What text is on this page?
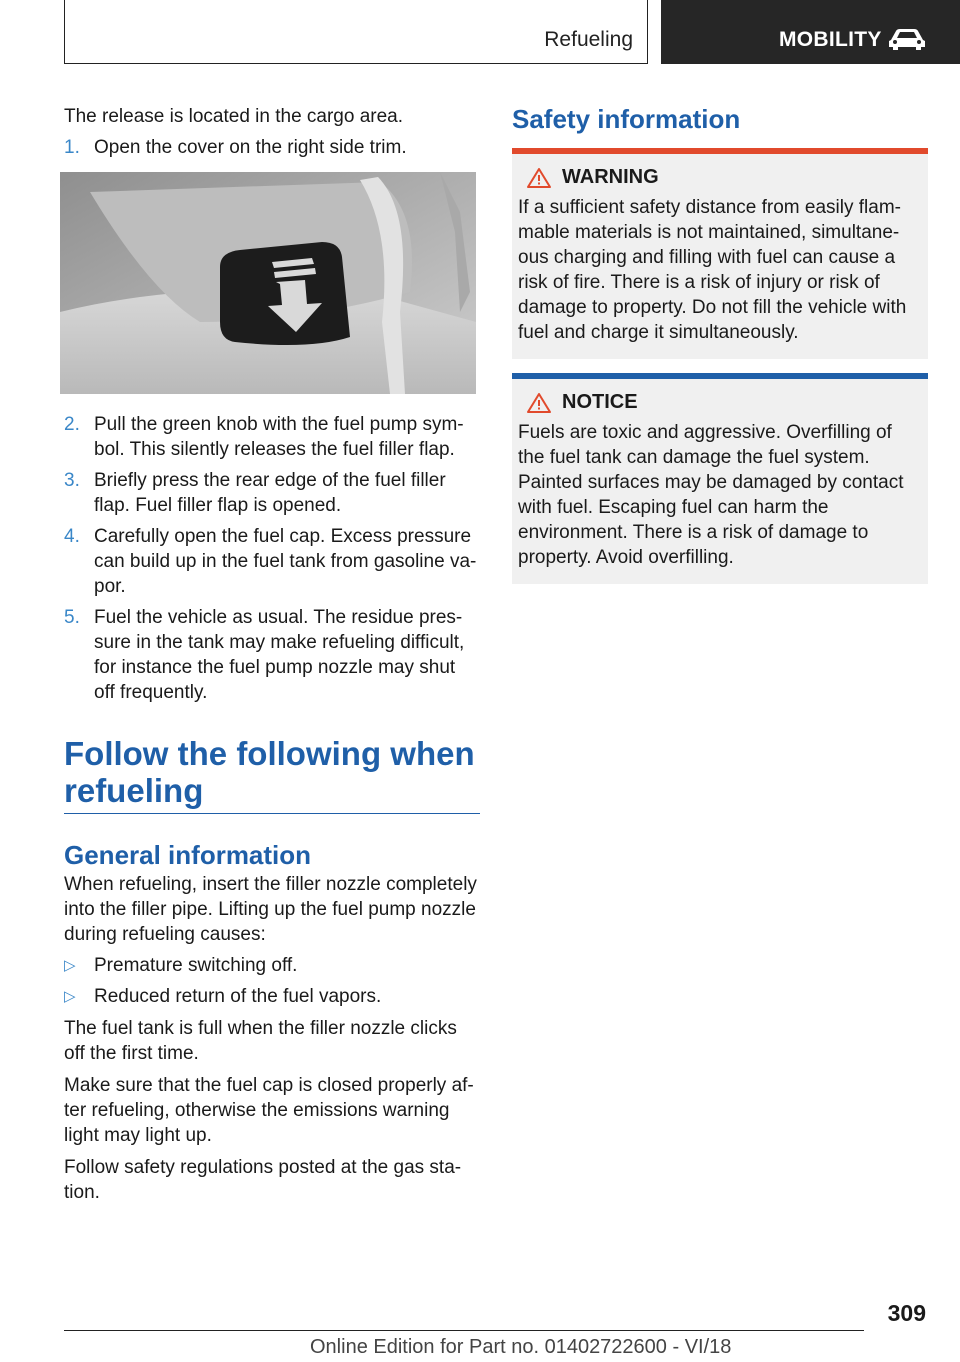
Refueling	MOBILITY

The release is located in the cargo area.

1. Open the cover on the right side trim.
2. Pull the green knob with the fuel pump sym‐ bol. This silently releases the fuel filler flap.
3. Briefly press the rear edge of the fuel filler flap. Fuel filler flap is opened.
4. Carefully open the fuel cap. Excess pressure can build up in the fuel tank from gasoline va‐ por.
5. Fuel the vehicle as usual. The residue pres‐ sure in the tank may make refueling difficult, for instance the fuel pump nozzle may shut off frequently.
Follow the following when refueling
General information

When refueling, insert the filler nozzle completely into the filler pipe. Lifting up the fuel pump nozzle during refueling causes:

▷ Premature switching off.
▷ Reduced return of the fuel vapors.

The fuel tank is full when the filler nozzle clicks off the first time.

Make sure that the fuel cap is closed properly af‐ ter refueling, otherwise the emissions warning light may light up.

Follow safety regulations posted at the gas sta‐ tion.

Safety information
WARNING

If a sufficient safety distance from easily flam‐ mable materials is not maintained, simultane‐ ous charging and filling with fuel can cause a risk of fire. There is a risk of injury or risk of damage to property. Do not fill the vehicle with fuel and charge it simultaneously.

NOTICE

Fuels are toxic and aggressive. Overfilling of the fuel tank can damage the fuel system. Painted surfaces may be damaged by contact with fuel. Escaping fuel can harm the environment. There is a risk of damage to property. Avoid overfilling.

309
Online Edition for Part no. 01402722600 - VI/18
